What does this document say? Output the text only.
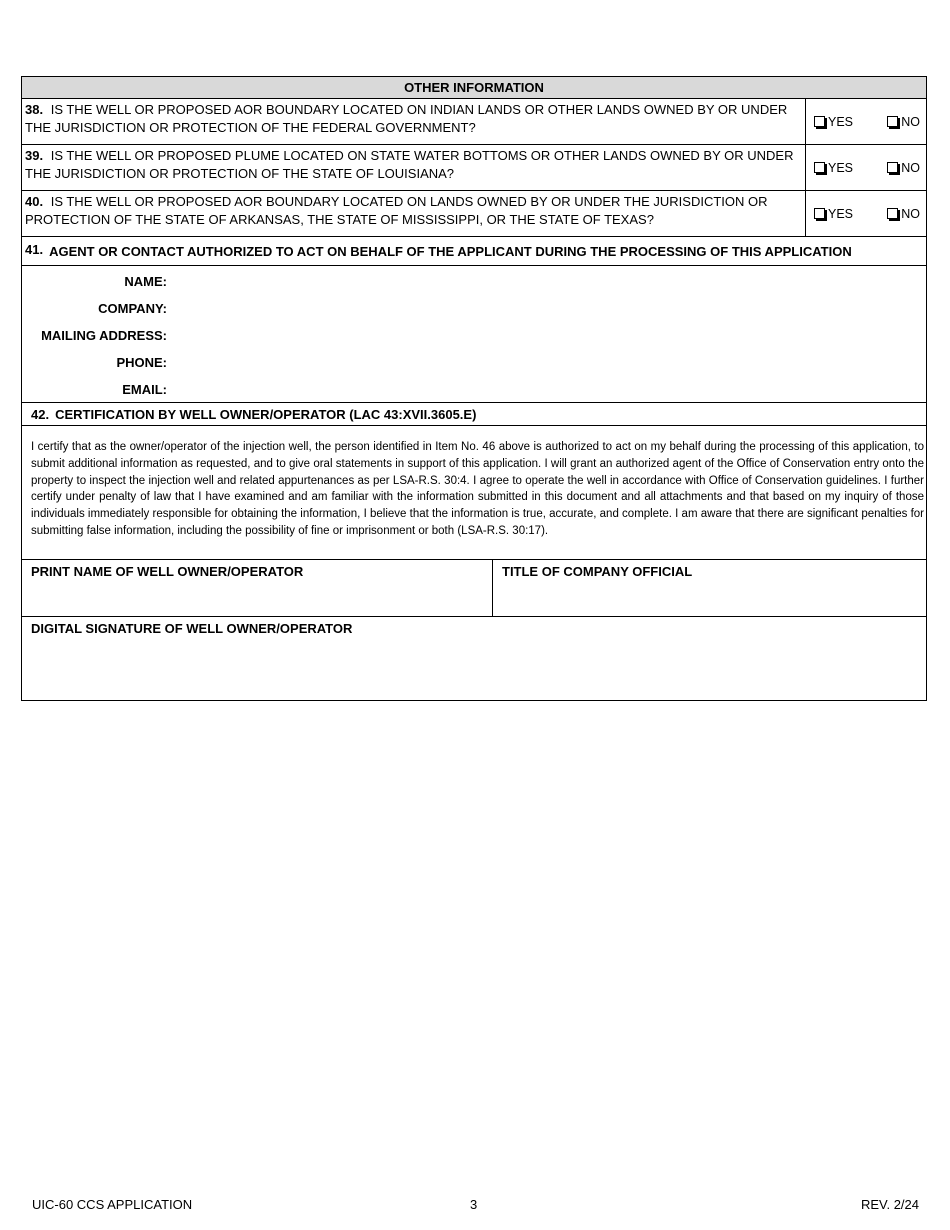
OTHER INFORMATION
38. IS THE WELL OR PROPOSED AOR BOUNDARY LOCATED ON INDIAN LANDS OR OTHER LANDS OWNED BY OR UNDER THE JURISDICTION OR PROTECTION OF THE FEDERAL GOVERNMENT?	YES	NO
39. IS THE WELL OR PROPOSED PLUME LOCATED ON STATE WATER BOTTOMS OR OTHER LANDS OWNED BY OR UNDER THE JURISDICTION OR PROTECTION OF THE STATE OF LOUISIANA?	YES	NO
40. IS THE WELL OR PROPOSED AOR BOUNDARY LOCATED ON LANDS OWNED BY OR UNDER THE JURISDICTION OR PROTECTION OF THE STATE OF ARKANSAS, THE STATE OF MISSISSIPPI, OR THE STATE OF TEXAS?	YES	NO
41. AGENT OR CONTACT AUTHORIZED TO ACT ON BEHALF OF THE APPLICANT DURING THE PROCESSING OF THIS APPLICATION
NAME:
COMPANY:
MAILING ADDRESS:
PHONE:
EMAIL:
42. CERTIFICATION BY WELL OWNER/OPERATOR (LAC 43:XVII.3605.E)
I certify that as the owner/operator of the injection well, the person identified in Item No. 46 above is authorized to act on my behalf during the processing of this application, to submit additional information as requested, and to give oral statements in support of this application. I will grant an authorized agent of the Office of Conservation entry onto the property to inspect the injection well and related appurtenances as per LSA-R.S. 30:4. I agree to operate the well in accordance with Office of Conservation guidelines. I further certify under penalty of law that I have examined and am familiar with the information submitted in this document and all attachments and that based on my inquiry of those individuals immediately responsible for obtaining the information, I believe that the information is true, accurate, and complete. I am aware that there are significant penalties for submitting false information, including the possibility of fine or imprisonment or both (LSA-R.S. 30:17).
PRINT NAME OF WELL OWNER/OPERATOR	TITLE OF COMPANY OFFICIAL
DIGITAL SIGNATURE OF WELL OWNER/OPERATOR
UIC-60 CCS APPLICATION	3	REV. 2/24
